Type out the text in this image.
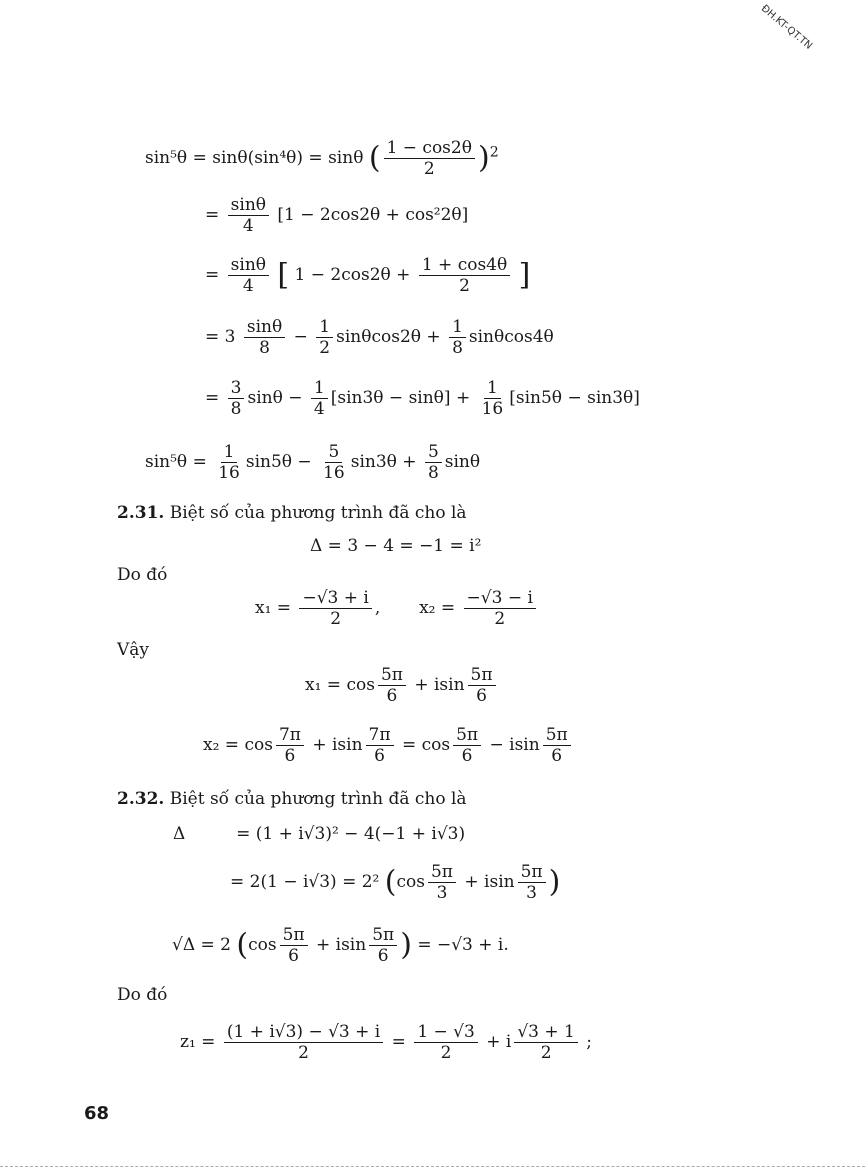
ĐH.KT-QT.TN
sin⁵θ = sinθ(sin⁴θ) = sinθ ( $\frac{1 - \cos 2\theta}{2} )^2$
= $\frac{\sin\theta}{4} [1 - 2\cos 2\theta + \cos^22\theta]$
= $\frac{\sin\theta}{4}$ [ $1 - 2\cos 2\theta + \frac{1 + \cos 4\theta}{2}$ ]
= $3 \frac{\sin\theta}{8} - \frac{1}{2} \sin\theta\cos 2\theta + \frac{1}{8} \sin\theta\cos 4\theta$
= $\frac{3}{8}$ $\sin\theta - \frac{1}{4} [\sin 3\theta - \sin\theta] + \frac{1}{16} [\sin 5\theta - \sin 3\theta]$
$\sin^5\theta = \frac{1}{16} \sin 5\theta - \frac{5}{16} \sin 3\theta + \frac{5}{8}$ sinθ
2.31. Biệt số của phương trình đã cho là
Δ = 3 − 4 = −1 = i²
Do đó
$x_1 = \frac{-√3 + i}{2}$ , $x_2 = \frac{-√3 - i}{2}$
Vậy
$x_1 = \cos \frac{5\pi}{6} + isin \frac{5\pi}{6}$
$x_2 = \cos \frac{7\pi}{6} + isin \frac{7\pi}{6} = \cos \frac{5\pi}{6} - isin \frac{5\pi}{6}$
2.32. Biệt số của phương trình đã cho là
Δ	= (1 + i√3)² − 4(−1 + i√3)
= 2(1 − i√3) = 2² ($\cos \frac{5\pi}{3} + isin \frac{5\pi}{3}$ )
√Δ = 2 ($\cos \frac{5\pi}{6} + isin \frac{5\pi}{6}$ ) = −√3 + i.
Do đó
$z_1 = \frac{(1 + i√3) - √3 + i}{2} = \frac{1 - √3}{2} + i \frac{√3 + 1}{2}$ ;
68
